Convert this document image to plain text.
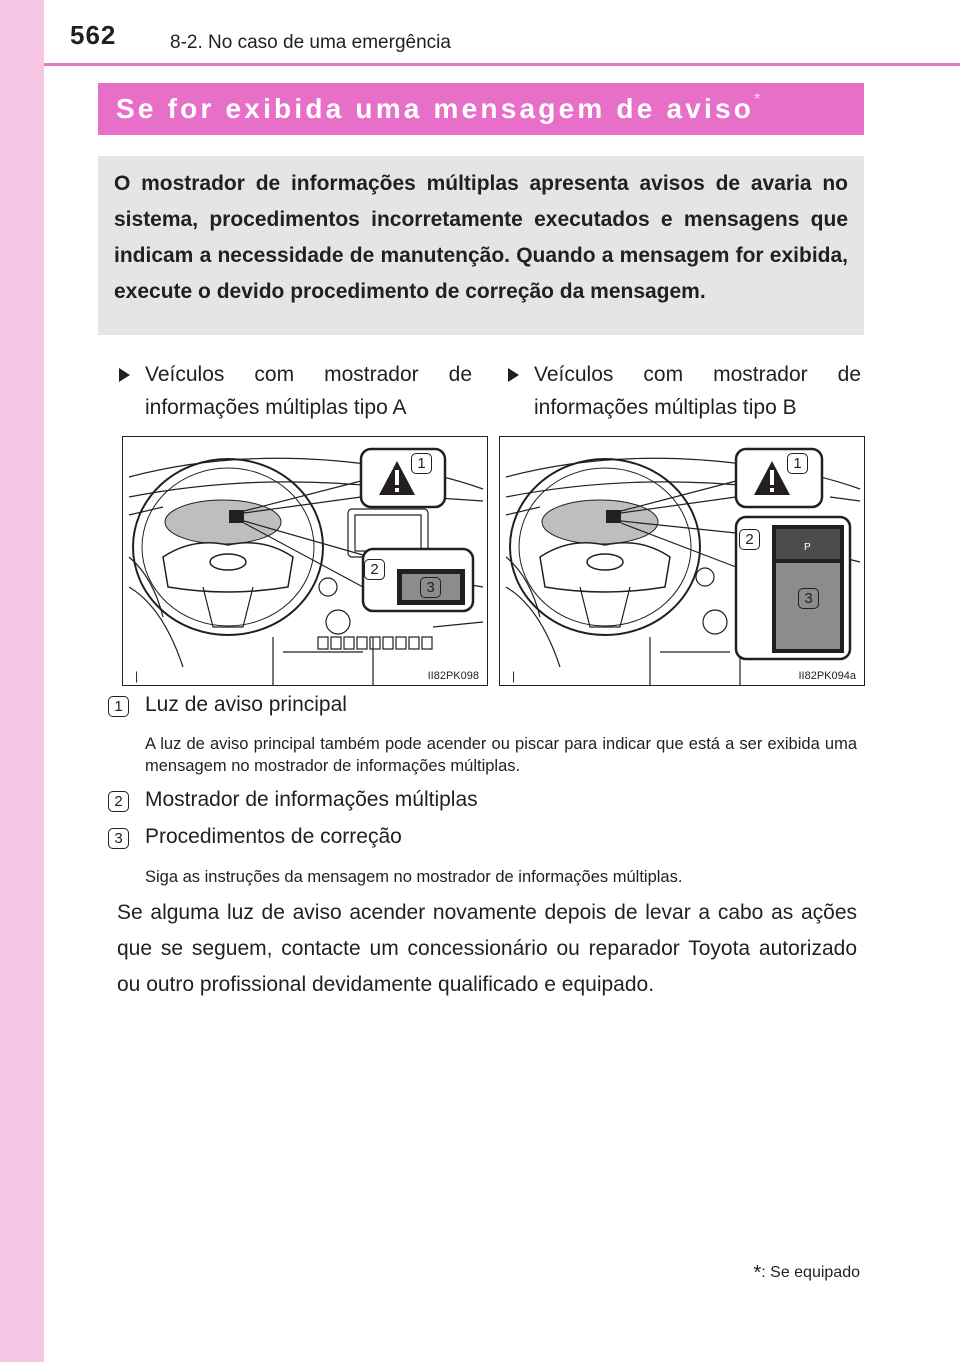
562	8-2. No caso de uma emergência
Se for exibida uma mensagem de aviso*

O mostrador de informações múltiplas apresenta avisos de avaria no sistema, procedimentos incorretamente executados e mensagens que indicam a necessidade de manutenção. Quando a mensagem for exibida, execute o devido procedimento de correção da mensagem.

Veículos com mostrador de informações múltiplas tipo A
Veículos com mostrador de informações múltiplas tipo B
|
1
2
3
II82PK098
P
|
1
2
3
II82PK094a
1	Luz de aviso principal
A luz de aviso principal também pode acender ou piscar para indicar que está a ser exibida uma mensagem no mostrador de informações múltiplas.
2	Mostrador de informações múltiplas
3	Procedimentos de correção
Siga as instruções da mensagem no mostrador de informações múltiplas.

Se alguma luz de aviso acender novamente depois de levar a cabo as ações que se seguem, contacte um concessionário ou reparador Toyota autorizado ou outro profissional devidamente qualificado e equipado.

*: Se equipado
